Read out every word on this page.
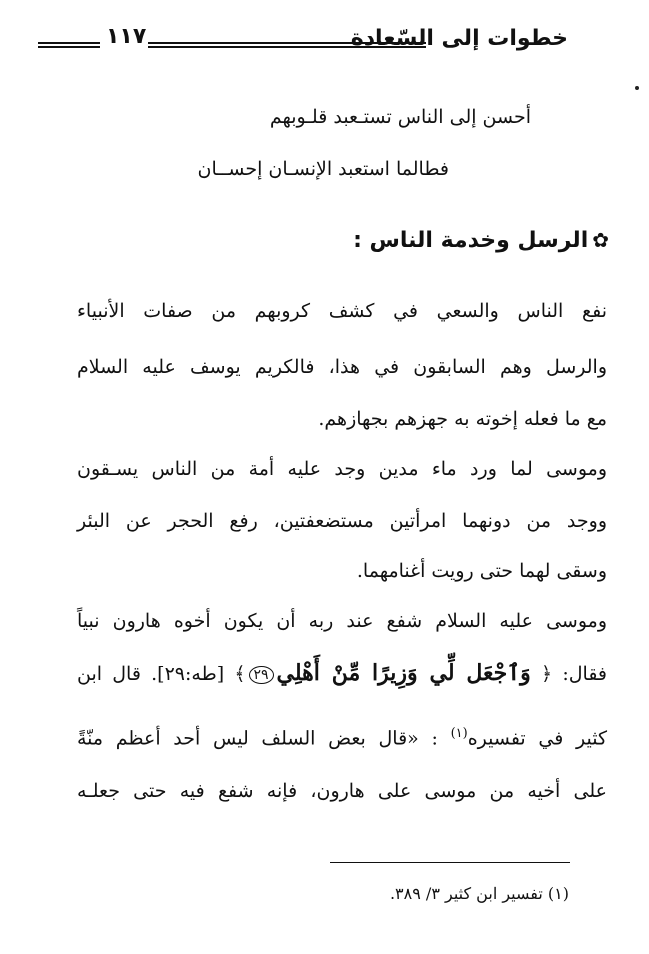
خطوات إلى السّعادة
١١٧
أحسن إلى الناس تستـعبد قلـوبهم
فطالما استعبد الإنسـان إحســان
✿الرسل وخدمة الناس :
نفع الناس والسعي في كشف كروبهم من صفات الأنبياء
والرسل وهم السابقون في هذا، فالكريم يوسف عليه السلام
مع ما فعله إخوته به جهزهم بجهازهم.
وموسى لما ورد ماء مدين وجد عليه أمة من الناس يسـقون
ووجد من دونهما امرأتين مستضعفتين، رفع الحجر عن البئر
وسقى لهما حتى رويت أغنامهما.
وموسى عليه السلام شفع عند ربه أن يكون أخوه هارون نبياً
فقال: ﴿ وَٱجْعَل لِّي وَزِيرًا مِّنْ أَهْلِي٢٩﴾ [طه:٢٩]. قال ابن
كثير في تفسيره$^{(١)}$ : «قال بعض السلف ليس أحد أعظم منّةً
على أخيه من موسى على هارون، فإنه شفع فيه حتى جعلـه
(١) تفسير ابن كثير ٣/ ٣٨٩.
